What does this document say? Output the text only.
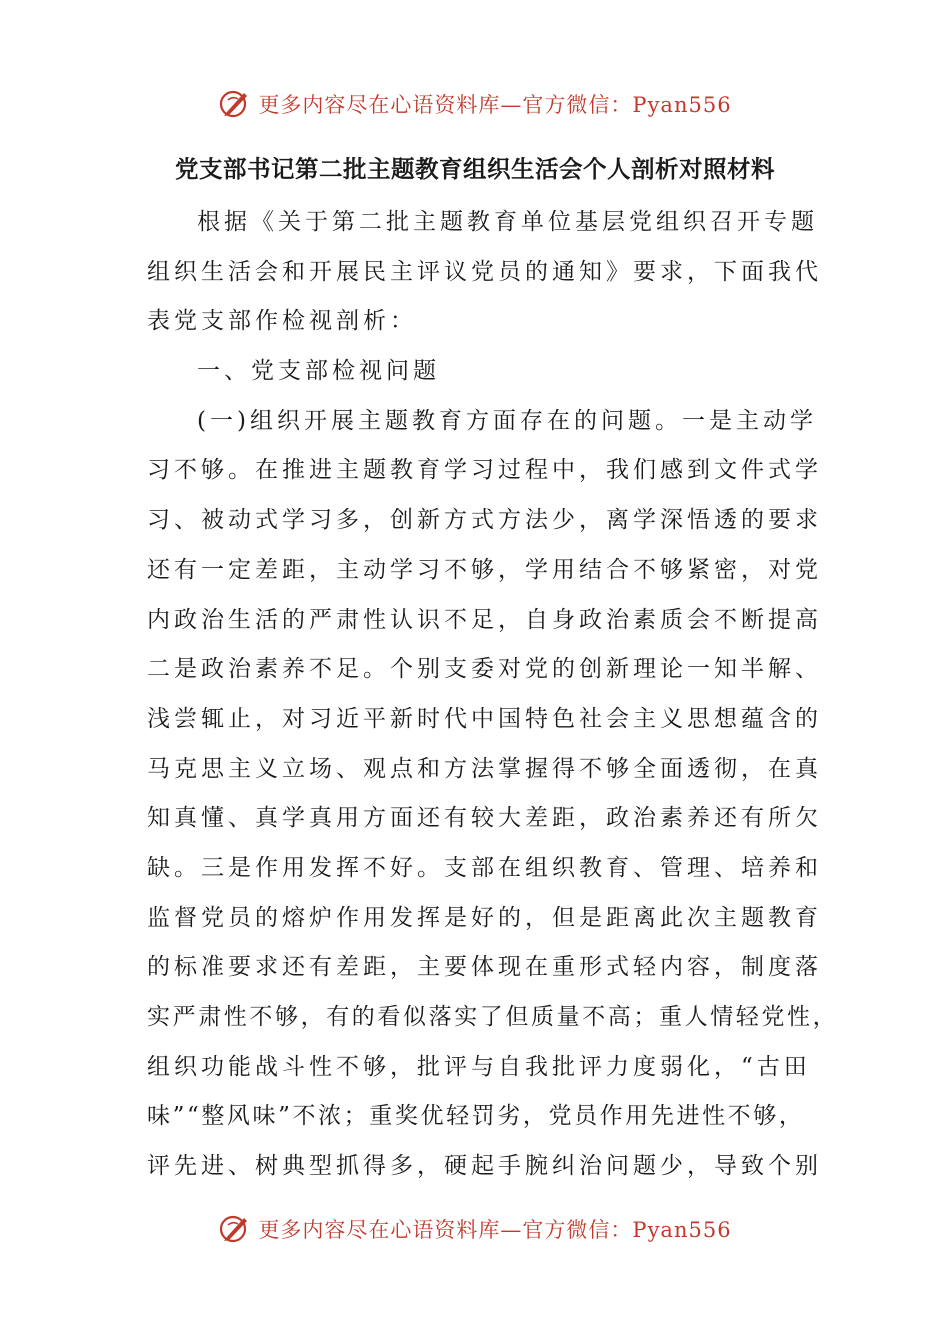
更多内容尽在心语资料库—官方微信：Pyan556
党支部书记第二批主题教育组织生活会个人剖析对照材料
根据《关于第二批主题教育单位基层党组织召开专题
组织生活会和开展民主评议党员的通知》要求，下面我代
表党支部作检视剖析：
一、党支部检视问题
(一)组织开展主题教育方面存在的问题。一是主动学
习不够。在推进主题教育学习过程中，我们感到文件式学
习、被动式学习多，创新方式方法少，离学深悟透的要求
还有一定差距，主动学习不够，学用结合不够紧密，对党
内政治生活的严肃性认识不足，自身政治素质会不断提高
二是政治素养不足。个别支委对党的创新理论一知半解、
浅尝辄止，对习近平新时代中国特色社会主义思想蕴含的
马克思主义立场、观点和方法掌握得不够全面透彻，在真
知真懂、真学真用方面还有较大差距，政治素养还有所欠
缺。三是作用发挥不好。支部在组织教育、管理、培养和
监督党员的熔炉作用发挥是好的，但是距离此次主题教育
的标准要求还有差距，主要体现在重形式轻内容，制度落
实严肃性不够，有的看似落实了但质量不高；重人情轻党性，
组织功能战斗性不够，批评与自我批评力度弱化，“古田
味”“整风味”不浓；重奖优轻罚劣，党员作用先进性不够，
评先进、树典型抓得多，硬起手腕纠治问题少，导致个别
更多内容尽在心语资料库—官方微信：Pyan556
